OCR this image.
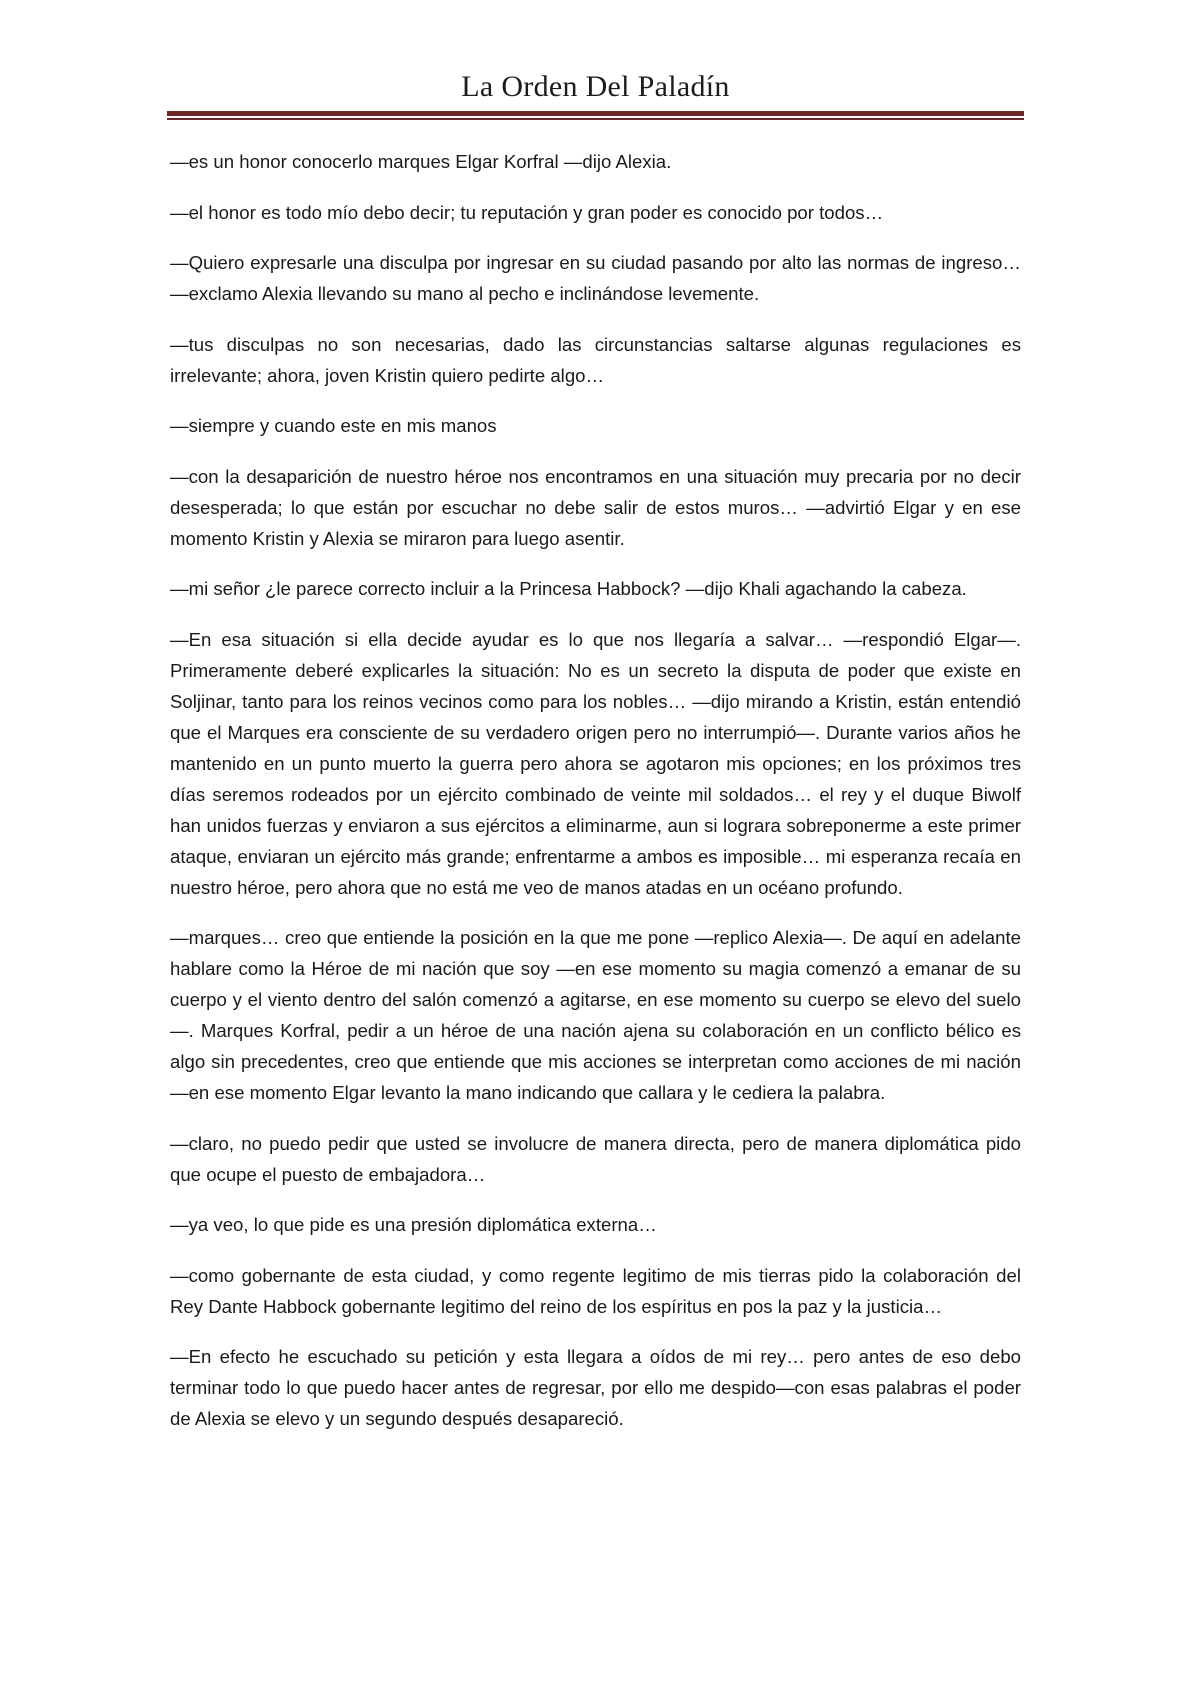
La Orden Del Paladín

—es un honor conocerlo marques Elgar Korfral —dijo Alexia.

—el honor es todo mío debo decir; tu reputación y gran poder es conocido por todos…

—Quiero expresarle una disculpa por ingresar en su ciudad pasando por alto las normas de ingreso… —exclamo Alexia llevando su mano al pecho e inclinándose levemente.

—tus disculpas no son necesarias, dado las circunstancias saltarse algunas regulaciones es irrelevante; ahora, joven Kristin quiero pedirte algo…

—siempre y cuando este en mis manos

—con la desaparición de nuestro héroe nos encontramos en una situación muy precaria por no decir desesperada; lo que están por escuchar no debe salir de estos muros… —advirtió Elgar y en ese momento Kristin y Alexia se miraron para luego asentir.

—mi señor ¿le parece correcto incluir a la Princesa Habbock? —dijo Khali agachando la cabeza.

—En esa situación si ella decide ayudar es lo que nos llegaría a salvar… —respondió Elgar—. Primeramente deberé explicarles la situación: No es un secreto la disputa de poder que existe en Soljinar, tanto para los reinos vecinos como para los nobles… —dijo mirando a Kristin, están entendió que el Marques era consciente de su verdadero origen pero no interrumpió—. Durante varios años he mantenido en un punto muerto la guerra pero ahora se agotaron mis opciones; en los próximos tres días seremos rodeados por un ejército combinado de veinte mil soldados… el rey y el duque Biwolf han unidos fuerzas y enviaron a sus ejércitos a eliminarme, aun si lograra sobreponerme a este primer ataque, enviaran un ejército más grande; enfrentarme a ambos es imposible… mi esperanza recaía en nuestro héroe, pero ahora que no está me veo de manos atadas en un océano profundo.

—marques… creo que entiende la posición en la que me pone —replico Alexia—. De aquí en adelante hablare como la Héroe de mi nación que soy —en ese momento su magia comenzó a emanar de su cuerpo y el viento dentro del salón comenzó a agitarse, en ese momento su cuerpo se elevo del suelo—. Marques Korfral, pedir a un héroe de una nación ajena su colaboración en un conflicto bélico es algo sin precedentes, creo que entiende que mis acciones se interpretan como acciones de mi nación —en ese momento Elgar levanto la mano indicando que callara y le cediera la palabra.

—claro, no puedo pedir que usted se involucre de manera directa, pero de manera diplomática pido que ocupe el puesto de embajadora…

—ya veo, lo que pide es una presión diplomática externa…

—como gobernante de esta ciudad, y como regente legitimo de mis tierras pido la colaboración del Rey Dante Habbock gobernante legitimo del reino de los espíritus en pos la paz y la justicia…

—En efecto he escuchado su petición y esta llegara a oídos de mi rey… pero antes de eso debo terminar todo lo que puedo hacer antes de regresar, por ello me despido—con esas palabras el poder de Alexia se elevo y un segundo después desapareció.
